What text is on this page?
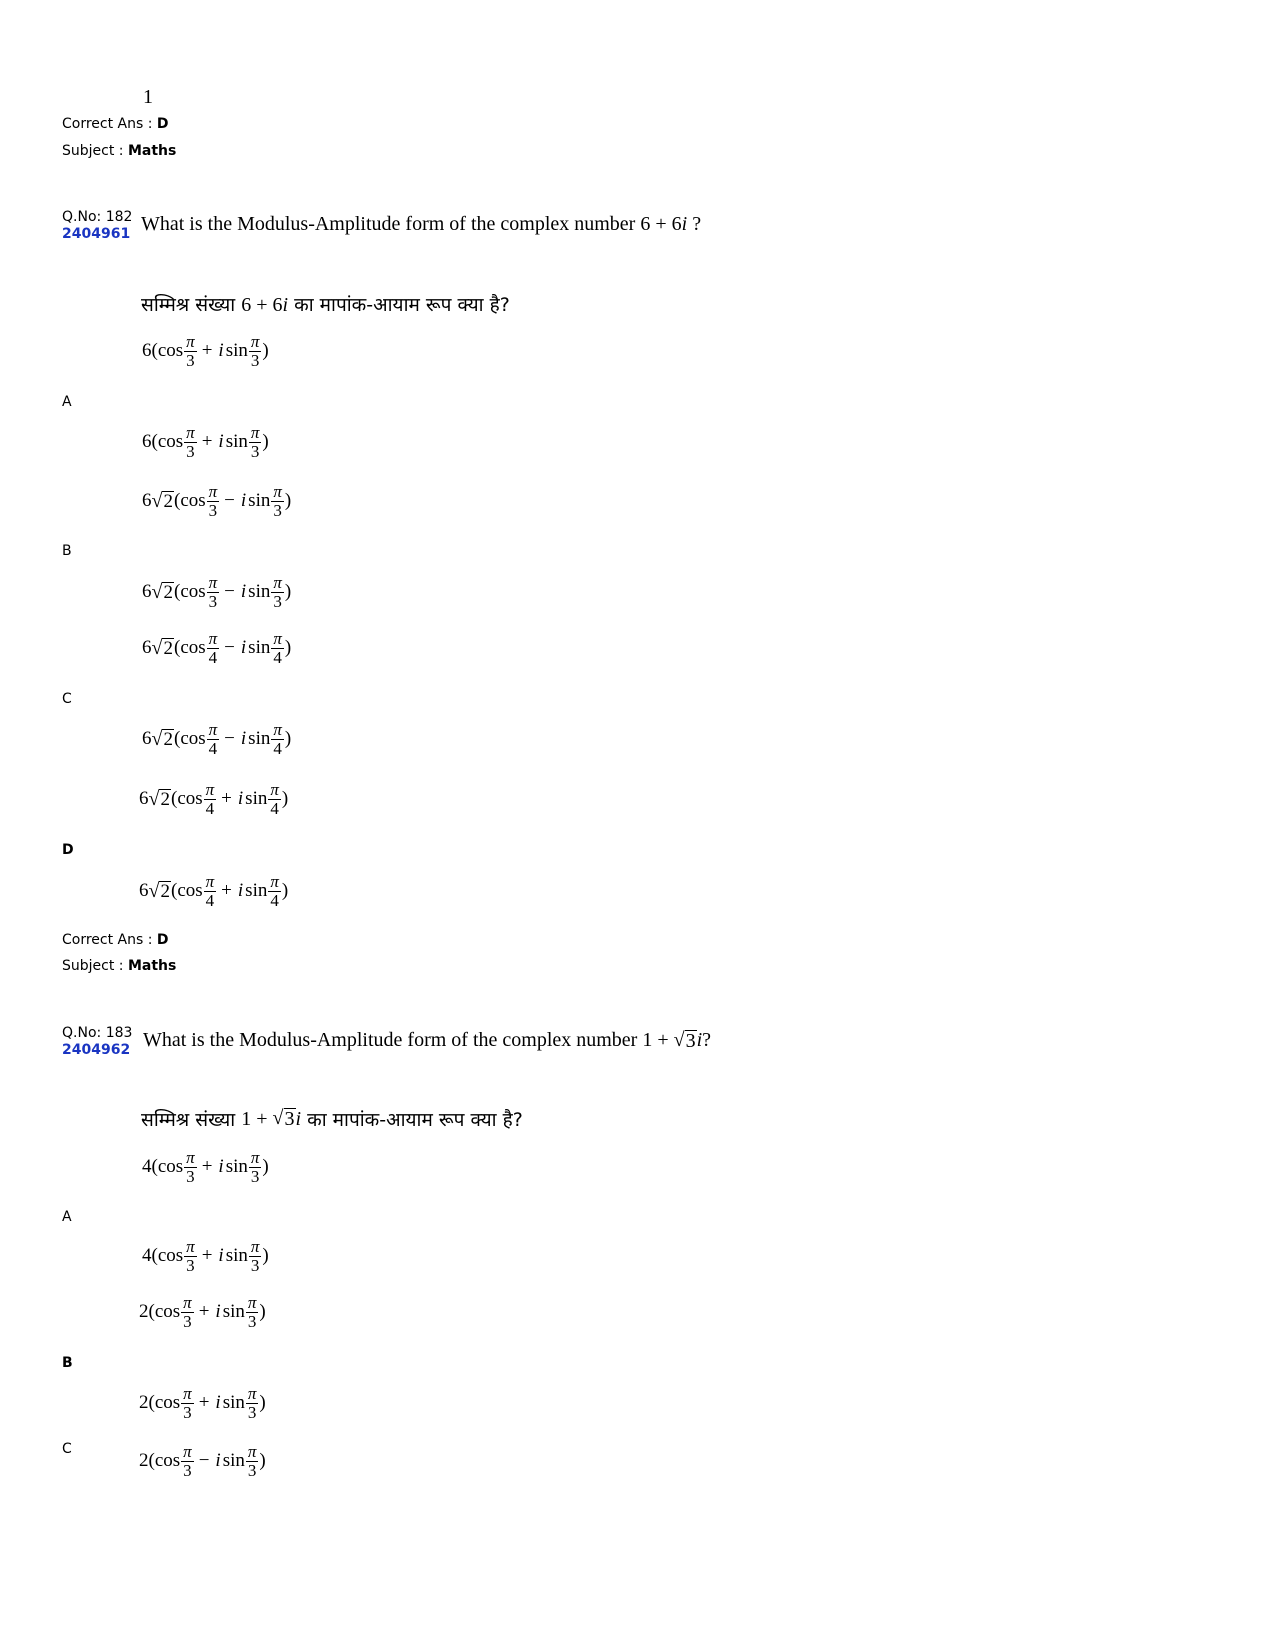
1
Correct Ans : D
Subject : Maths
Q.No: 182
2404961 What is the Modulus-Amplitude form of the complex number 6 + 6i ?
सम्मिश्र संख्या 6 + 6i का मापांक-आयाम रूप क्या है?
6 ( $\cos \frac{\pi}{3} + i$ $\sin \frac{\pi}{3}$ )
A
6 ( $\cos \frac{\pi}{3} + i$ $\sin \frac{\pi}{3}$ )
6 √ 2 ( $\cos \frac{\pi}{3} - i$ $\sin \frac{\pi}{3}$ )
B
6 √ 2 ( $\cos \frac{\pi}{3} - i$ $\sin \frac{\pi}{3}$ )
6 √ 2 ( $\cos \frac{\pi}{4} - i$ $\sin \frac{\pi}{4}$ )
C
6 √ 2 ( $\cos \frac{\pi}{4} - i$ $\sin \frac{\pi}{4}$ )
6 √ 2 ( $\cos \frac{\pi}{4} + i$ $\sin \frac{\pi}{4}$ )
D
6 √ 2 ( $\cos \frac{\pi}{4} + i$ $\sin \frac{\pi}{4}$ )
Correct Ans : D
Subject : Maths
Q.No: 183
2404962 What is the Modulus-Amplitude form of the complex number 1 + √ 3 i ?
सम्मिश्र संख्या 1 + √ 3 i का मापांक-आयाम रूप क्या है?
4 ( $\cos \frac{\pi}{3} + i$ $\sin \frac{\pi}{3}$ )
A
4 ( $\cos \frac{\pi}{3} + i$ $\sin \frac{\pi}{3}$ )
2 ( $\cos \frac{\pi}{3} + i$ $\sin \frac{\pi}{3}$ )
B
2 ( $\cos \frac{\pi}{3} + i$ $\sin \frac{\pi}{3}$ )
C
2 ( $\cos \frac{\pi}{3} - i$ $\sin \frac{\pi}{3}$ )
